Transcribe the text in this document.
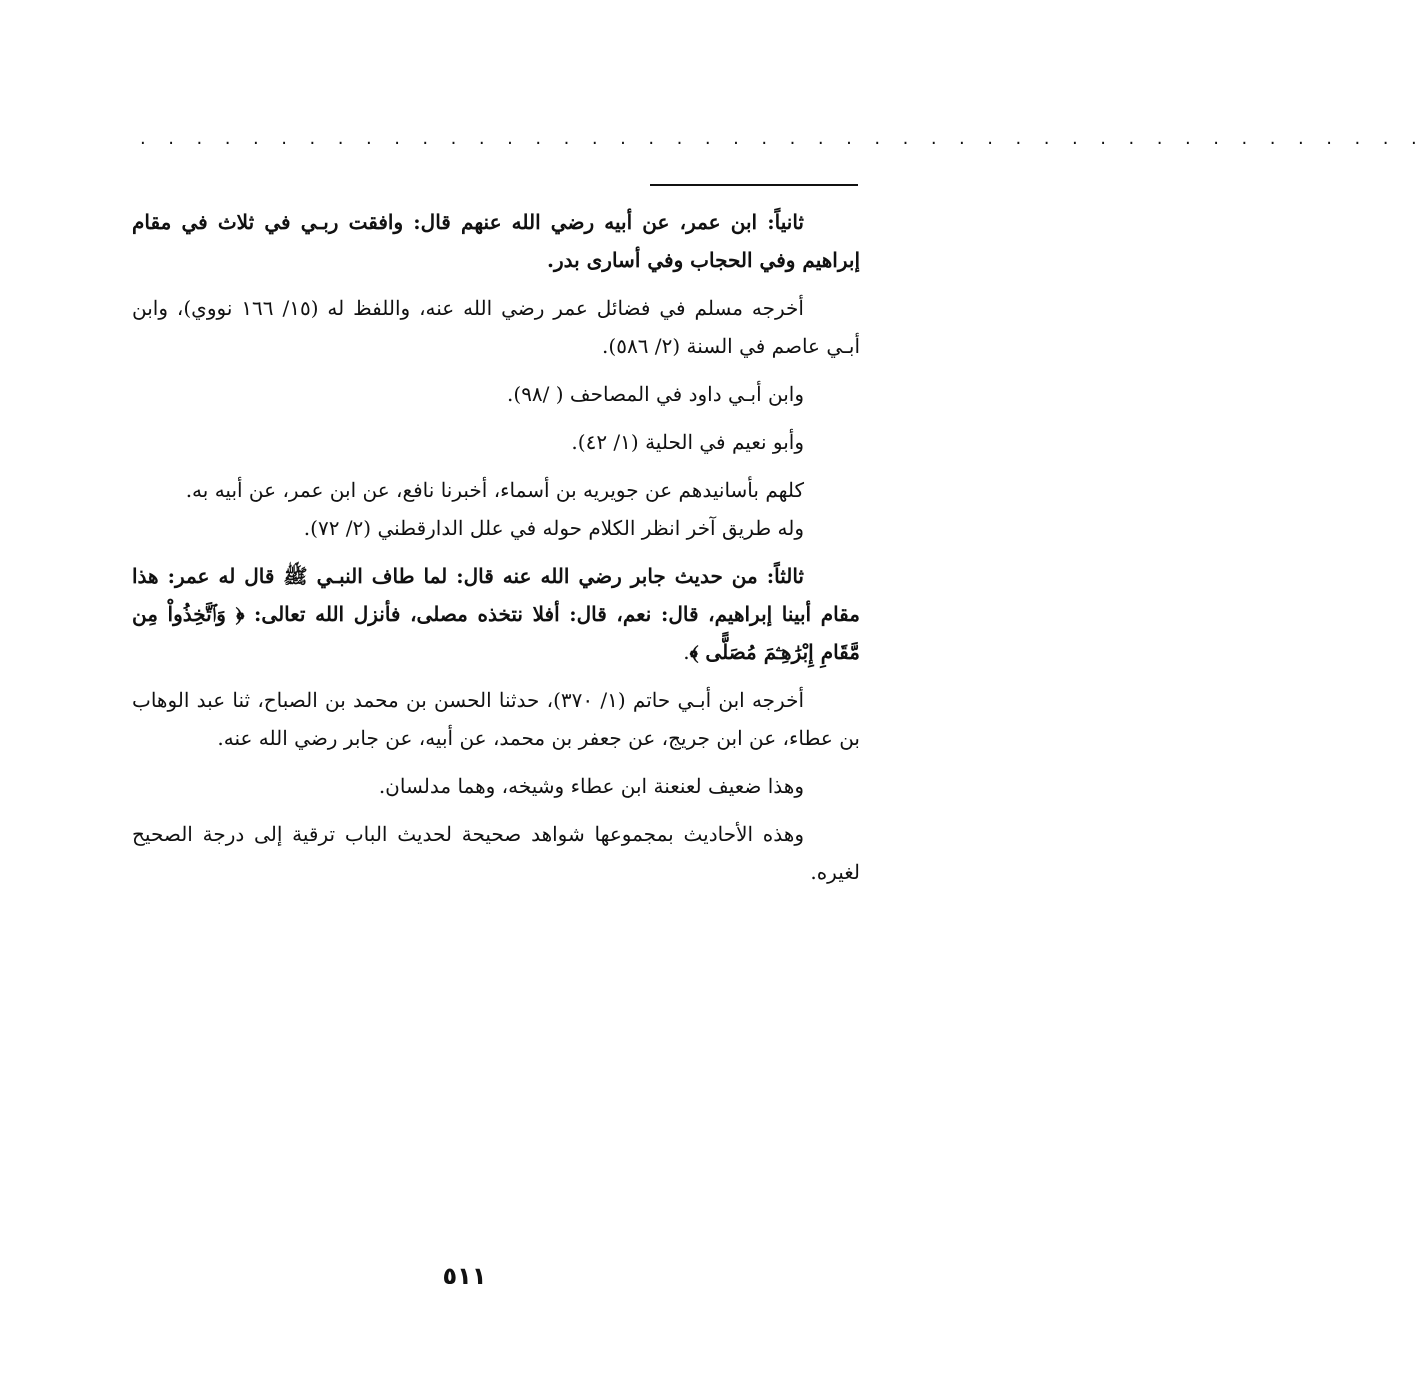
. . . . . . . . . . . . . . . . . . . . . . . . . . . . . . . . . . . . . . . . . . . . . .

ثانياً: ابن عمر، عن أبيه رضي الله عنهم قال: وافقت ربـي في ثلاث في مقام إبراهيم وفي الحجاب وفي أسارى بدر.

أخرجه مسلم في فضائل عمر رضي الله عنه، واللفظ له (١٥/ ١٦٦ نووي)، وابن أبـي عاصم في السنة (٢/ ٥٨٦).

وابن أبـي داود في المصاحف ( /٩٨).

وأبو نعيم في الحلية (١/ ٤٢).

كلهم بأسانيدهم عن جويريه بن أسماء، أخبرنا نافع، عن ابن عمر، عن أبيه به.

وله طريق آخر انظر الكلام حوله في علل الدارقطني (٢/ ٧٢).

ثالثاً: من حديث جابر رضي الله عنه قال: لما طاف النبـي ﷺ قال له عمر: هذا مقام أبينا إبراهيم، قال: نعم، قال: أفلا نتخذه مصلى، فأنزل الله تعالى: ﴿ وَٱتَّخِذُواْ مِن مَّقَامِ إِبْرَٰهِـۧمَ مُصَلًّى ﴾.

أخرجه ابن أبـي حاتم (١/ ٣٧٠)، حدثنا الحسن بن محمد بن الصباح، ثنا عبد الوهاب بن عطاء، عن ابن جريج، عن جعفر بن محمد، عن أبيه، عن جابر رضي الله عنه.

وهذا ضعيف لعنعنة ابن عطاء وشيخه، وهما مدلسان.

وهذه الأحاديث بمجموعها شواهد صحيحة لحديث الباب ترقية إلى درجة الصحيح لغيره.

٥١١
